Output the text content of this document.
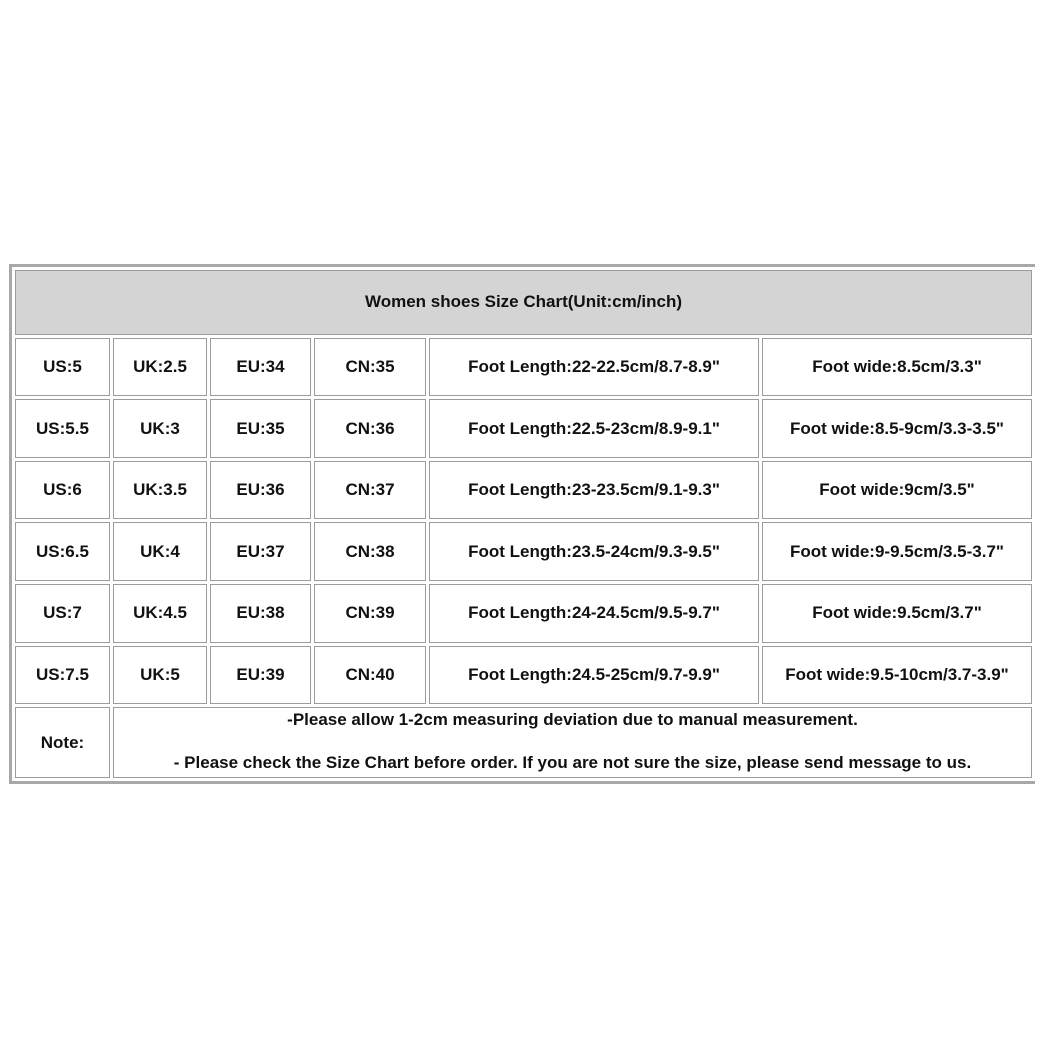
Women shoes Size Chart(Unit:cm/inch)					
US:5	UK:2.5	EU:34	CN:35	Foot Length:22-22.5cm/8.7-8.9"	Foot wide:8.5cm/3.3"
US:5.5	UK:3	EU:35	CN:36	Foot Length:22.5-23cm/8.9-9.1"	Foot wide:8.5-9cm/3.3-3.5"
US:6	UK:3.5	EU:36	CN:37	Foot Length:23-23.5cm/9.1-9.3"	Foot wide:9cm/3.5"
US:6.5	UK:4	EU:37	CN:38	Foot Length:23.5-24cm/9.3-9.5"	Foot wide:9-9.5cm/3.5-3.7"
US:7	UK:4.5	EU:38	CN:39	Foot Length:24-24.5cm/9.5-9.7"	Foot wide:9.5cm/3.7"
US:7.5	UK:5	EU:39	CN:40	Foot Length:24.5-25cm/9.7-9.9"	Foot wide:9.5-10cm/3.7-3.9"
Note:	-Please allow 1-2cm measuring deviation due to manual measurement.
- Please check the Size Chart before order. If you are not sure the size, please send message to us.				
